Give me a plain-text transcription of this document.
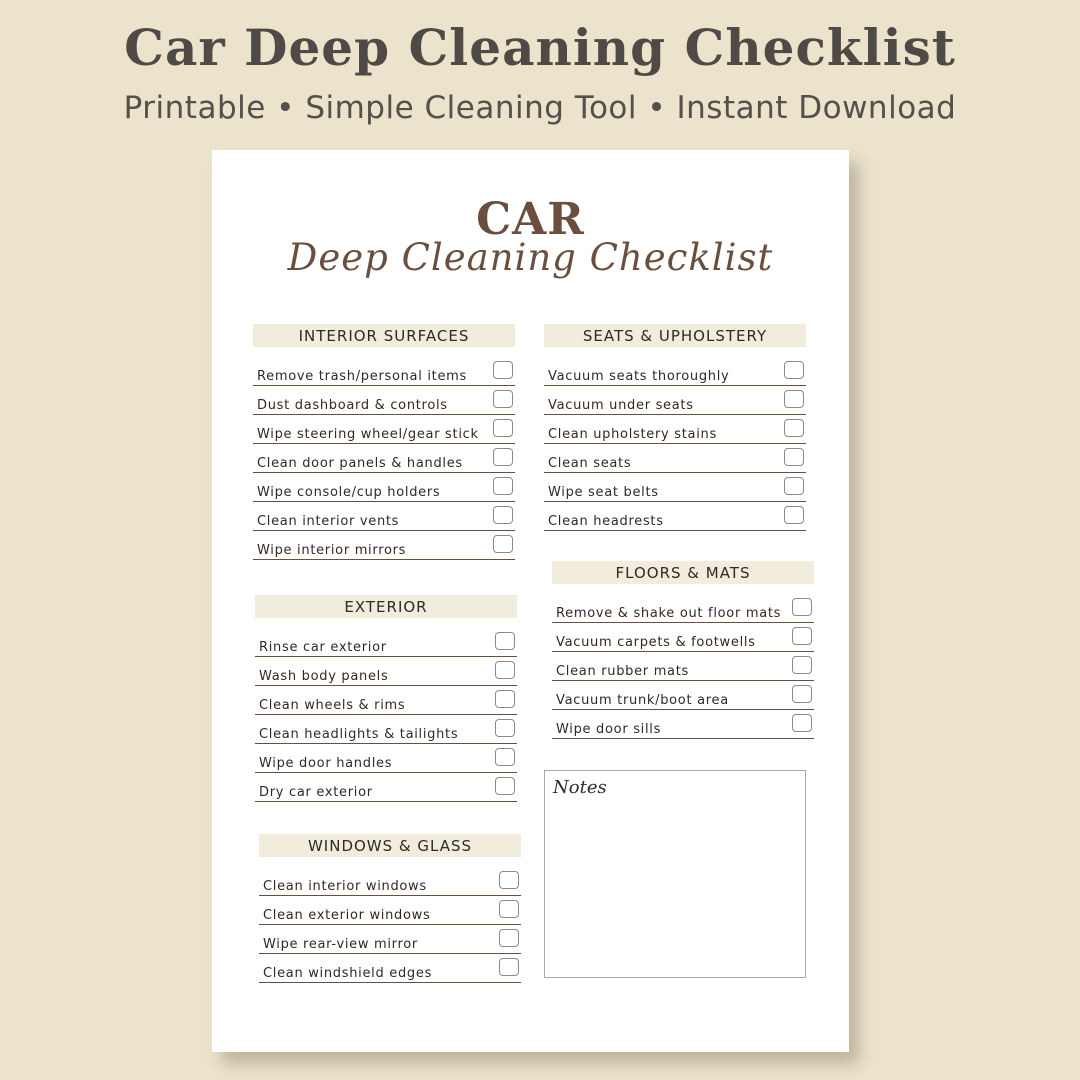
Car Deep Cleaning Checklist
Printable • Simple Cleaning Tool • Instant Download
CAR
Deep Cleaning Checklist
INTERIOR SURFACES
Remove trash/personal items
Dust dashboard & controls
Wipe steering wheel/gear stick
Clean door panels & handles
Wipe console/cup holders
Clean interior vents
Wipe interior mirrors
SEATS & UPHOLSTERY
Vacuum seats thoroughly
Vacuum under seats
Clean upholstery stains
Clean seats
Wipe seat belts
Clean headrests
FLOORS & MATS
Remove & shake out floor mats
Vacuum carpets & footwells
Clean rubber mats
Vacuum trunk/boot area
Wipe door sills
EXTERIOR
Rinse car exterior
Wash body panels
Clean wheels & rims
Clean headlights & tailights
Wipe door handles
Dry car exterior
WINDOWS & GLASS
Clean interior windows
Clean exterior windows
Wipe rear-view mirror
Clean windshield edges
Notes
